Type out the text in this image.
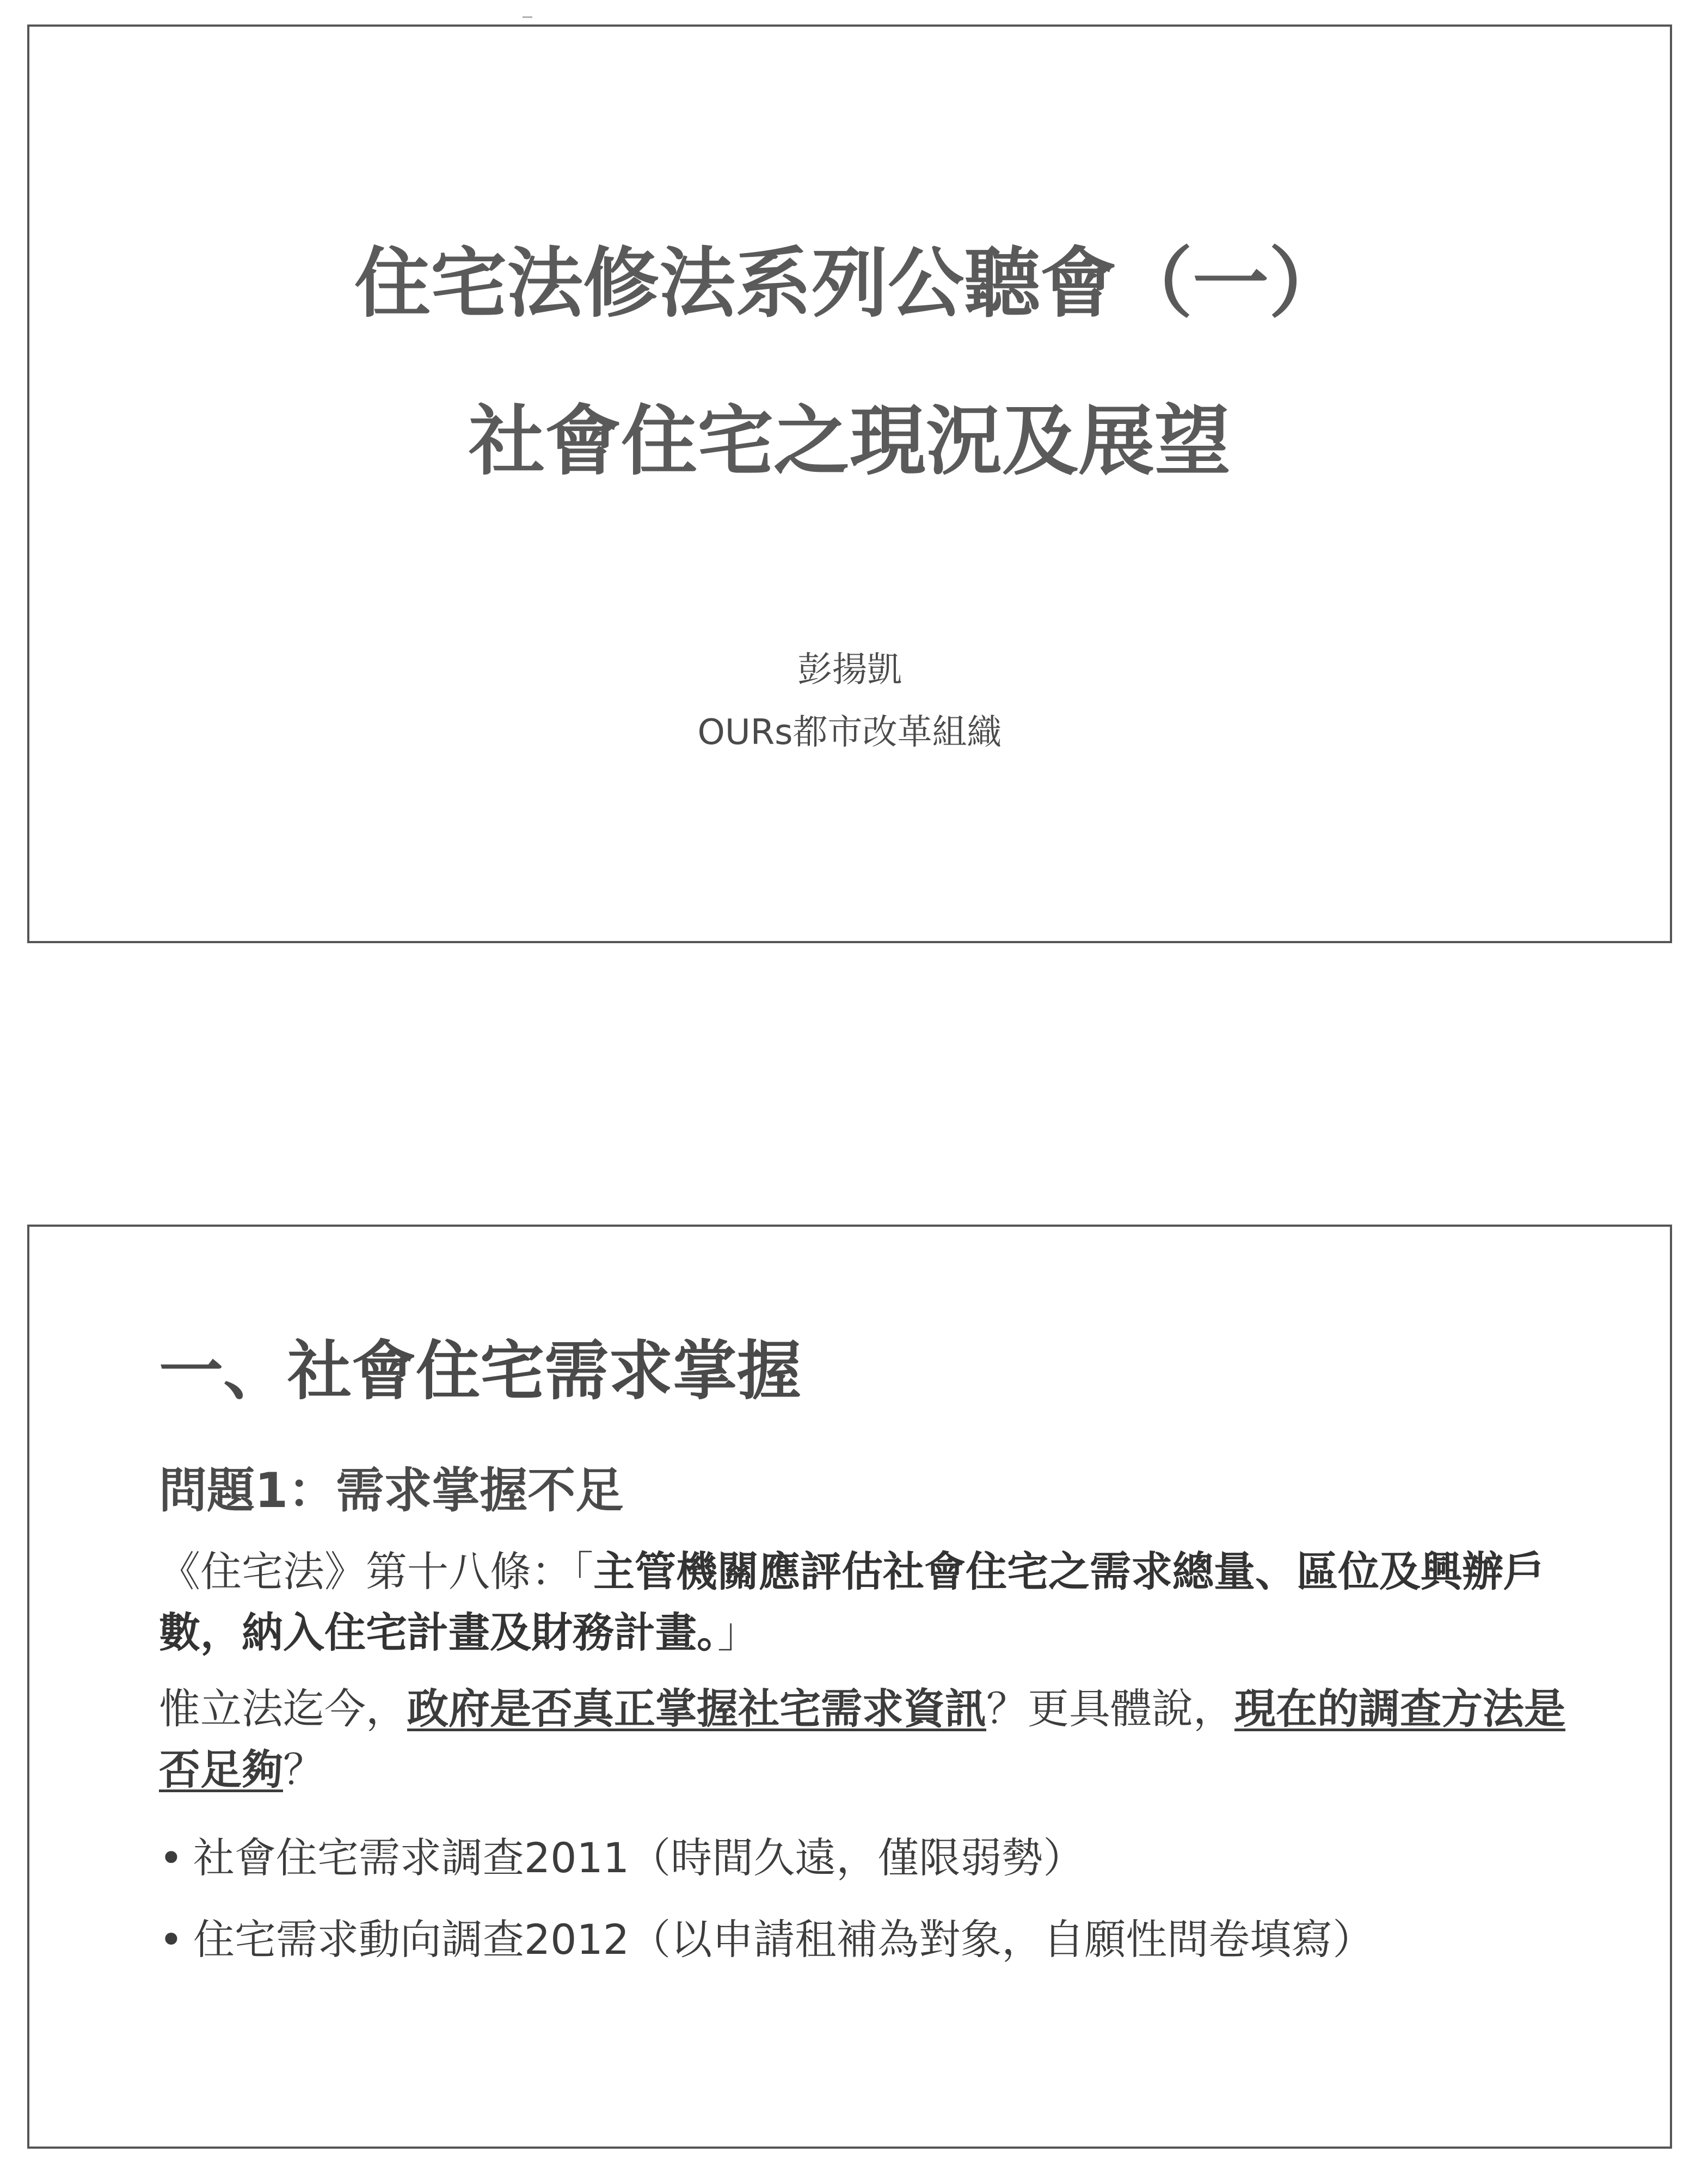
住宅法修法系列公聽會（一）
社會住宅之現況及展望
彭揚凱
OURs都市改革組織
一、社會住宅需求掌握
問題1：需求掌握不足
《住宅法》第十八條：「主管機關應評估社會住宅之需求總量、區位及興辦戶數，納入住宅計畫及財務計畫。」
惟立法迄今，政府是否真正掌握社宅需求資訊？更具體說，現在的調查方法是否足夠？
• 社會住宅需求調查2011（時間久遠，僅限弱勢）
• 住宅需求動向調查2012（以申請租補為對象，自願性問卷填寫）
